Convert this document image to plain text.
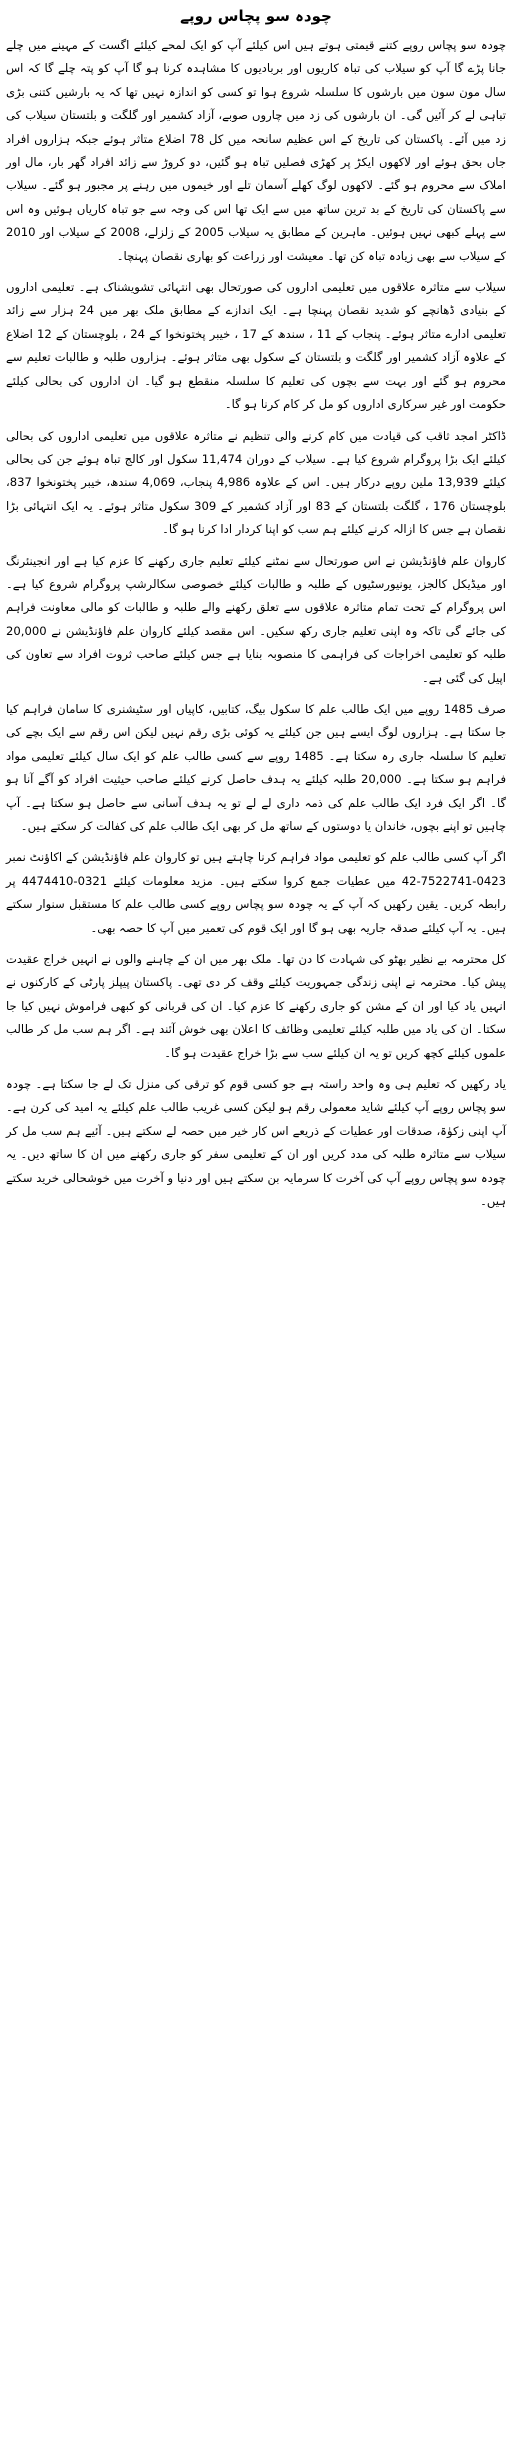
چودہ سو پچاس روپے

چودہ سو پچاس روپے کتنے قیمتی ہوتے ہیں اس کیلئے آپ کو ایک لمحے کیلئے اگست کے مہینے میں چلے جانا پڑے گا آپ کو سیلاب کی تباہ کاریوں اور بربادیوں کا مشاہدہ کرنا ہو گا آپ کو پتہ چلے گا کہ اس سال مون سون میں بارشوں کا سلسلہ شروع ہوا تو کسی کو اندازہ نہیں تھا کہ یہ بارشیں کتنی بڑی تباہی لے کر آئیں گی۔ ان بارشوں کی زد میں چاروں صوبے، آزاد کشمیر اور گلگت و بلتستان سیلاب کی زد میں آئے۔ پاکستان کی تاریخ کے اس عظیم سانحہ میں کل 78 اضلاع متاثر ہوئے جبکہ ہزاروں افراد جاں بحق ہوئے اور لاکھوں ایکڑ پر کھڑی فصلیں تباہ ہو گئیں، دو کروڑ سے زائد افراد گھر بار، مال اور املاک سے محروم ہو گئے۔ لاکھوں لوگ کھلے آسمان تلے اور خیموں میں رہنے پر مجبور ہو گئے۔ سیلاب سے پاکستان کی تاریخ کے بد ترین ساتھ میں سے ایک تھا اس کی وجہ سے جو تباہ کاریاں ہوئیں وہ اس سے پہلے کبھی نہیں ہوئیں۔ ماہرین کے مطابق یہ سیلاب 2005 کے زلزلے، 2008 کے سیلاب اور 2010 کے سیلاب سے بھی زیادہ تباہ کن تھا۔ معیشت اور زراعت کو بھاری نقصان پہنچا۔

سیلاب سے متاثرہ علاقوں میں تعلیمی اداروں کی صورتحال بھی انتہائی تشویشناک ہے۔ تعلیمی اداروں کے بنیادی ڈھانچے کو شدید نقصان پہنچا ہے۔ ایک اندازے کے مطابق ملک بھر میں 24 ہزار سے زائد تعلیمی ادارے متاثر ہوئے۔ پنجاب کے 11 ، سندھ کے 17 ، خیبر پختونخوا کے 24 ، بلوچستان کے 12 اضلاع کے علاوہ آزاد کشمیر اور گلگت و بلتستان کے سکول بھی متاثر ہوئے۔ ہزاروں طلبہ و طالبات تعلیم سے محروم ہو گئے اور بہت سے بچوں کی تعلیم کا سلسلہ منقطع ہو گیا۔ ان اداروں کی بحالی کیلئے حکومت اور غیر سرکاری اداروں کو مل کر کام کرنا ہو گا۔

ڈاکٹر امجد ثاقب کی قیادت میں کام کرنے والی تنظیم نے متاثرہ علاقوں میں تعلیمی اداروں کی بحالی کیلئے ایک بڑا پروگرام شروع کیا ہے۔ سیلاب کے دوران 11,474 سکول اور کالج تباہ ہوئے جن کی بحالی کیلئے 13,939 ملین روپے درکار ہیں۔ اس کے علاوہ 4,986 پنجاب، 4,069 سندھ، خیبر پختونخوا 837، بلوچستان 176 ، گلگت بلتستان کے 83 اور آزاد کشمیر کے 309 سکول متاثر ہوئے۔ یہ ایک انتہائی بڑا نقصان ہے جس کا ازالہ کرنے کیلئے ہم سب کو اپنا کردار ادا کرنا ہو گا۔

کاروان علم فاؤنڈیشن نے اس صورتحال سے نمٹنے کیلئے تعلیم جاری رکھنے کا عزم کیا ہے اور انجینئرنگ اور میڈیکل کالجز، یونیورسٹیوں کے طلبہ و طالبات کیلئے خصوصی سکالرشپ پروگرام شروع کیا ہے۔ اس پروگرام کے تحت تمام متاثرہ علاقوں سے تعلق رکھنے والے طلبہ و طالبات کو مالی معاونت فراہم کی جائے گی تاکہ وہ اپنی تعلیم جاری رکھ سکیں۔ اس مقصد کیلئے کاروان علم فاؤنڈیشن نے 20,000 طلبہ کو تعلیمی اخراجات کی فراہمی کا منصوبہ بنایا ہے جس کیلئے صاحب ثروت افراد سے تعاون کی اپیل کی گئی ہے۔

صرف 1485 روپے میں ایک طالب علم کا سکول بیگ، کتابیں، کاپیاں اور سٹیشنری کا سامان فراہم کیا جا سکتا ہے۔ ہزاروں لوگ ایسے ہیں جن کیلئے یہ کوئی بڑی رقم نہیں لیکن اس رقم سے ایک بچے کی تعلیم کا سلسلہ جاری رہ سکتا ہے۔ 1485 روپے سے کسی طالب علم کو ایک سال کیلئے تعلیمی مواد فراہم ہو سکتا ہے۔ 20,000 طلبہ کیلئے یہ ہدف حاصل کرنے کیلئے صاحب حیثیت افراد کو آگے آنا ہو گا۔ اگر ایک فرد ایک طالب علم کی ذمہ داری لے لے تو یہ ہدف آسانی سے حاصل ہو سکتا ہے۔ آپ چاہیں تو اپنے بچوں، خاندان یا دوستوں کے ساتھ مل کر بھی ایک طالب علم کی کفالت کر سکتے ہیں۔

اگر آپ کسی طالب علم کو تعلیمی مواد فراہم کرنا چاہتے ہیں تو کاروان علم فاؤنڈیشن کے اکاؤنٹ نمبر 0423-7522741-42 میں عطیات جمع کروا سکتے ہیں۔ مزید معلومات کیلئے 0321-4474410 پر رابطہ کریں۔ یقین رکھیں کہ آپ کے یہ چودہ سو پچاس روپے کسی طالب علم کا مستقبل سنوار سکتے ہیں۔ یہ آپ کیلئے صدقہ جاریہ بھی ہو گا اور ایک قوم کی تعمیر میں آپ کا حصہ بھی۔

کل محترمہ بے نظیر بھٹو کی شہادت کا دن تھا۔ ملک بھر میں ان کے چاہنے والوں نے انہیں خراج عقیدت پیش کیا۔ محترمہ نے اپنی زندگی جمہوریت کیلئے وقف کر دی تھی۔ پاکستان پیپلز پارٹی کے کارکنوں نے انہیں یاد کیا اور ان کے مشن کو جاری رکھنے کا عزم کیا۔ ان کی قربانی کو کبھی فراموش نہیں کیا جا سکتا۔ ان کی یاد میں طلبہ کیلئے تعلیمی وظائف کا اعلان بھی خوش آئند ہے۔ اگر ہم سب مل کر طالب علموں کیلئے کچھ کریں تو یہ ان کیلئے سب سے بڑا خراج عقیدت ہو گا۔

یاد رکھیں کہ تعلیم ہی وہ واحد راستہ ہے جو کسی قوم کو ترقی کی منزل تک لے جا سکتا ہے۔ چودہ سو پچاس روپے آپ کیلئے شاید معمولی رقم ہو لیکن کسی غریب طالب علم کیلئے یہ امید کی کرن ہے۔ آپ اپنی زکوٰۃ، صدقات اور عطیات کے ذریعے اس کار خیر میں حصہ لے سکتے ہیں۔ آئیے ہم سب مل کر سیلاب سے متاثرہ طلبہ کی مدد کریں اور ان کے تعلیمی سفر کو جاری رکھنے میں ان کا ساتھ دیں۔ یہ چودہ سو پچاس روپے آپ کی آخرت کا سرمایہ بن سکتے ہیں اور دنیا و آخرت میں خوشحالی خرید سکتے ہیں۔
